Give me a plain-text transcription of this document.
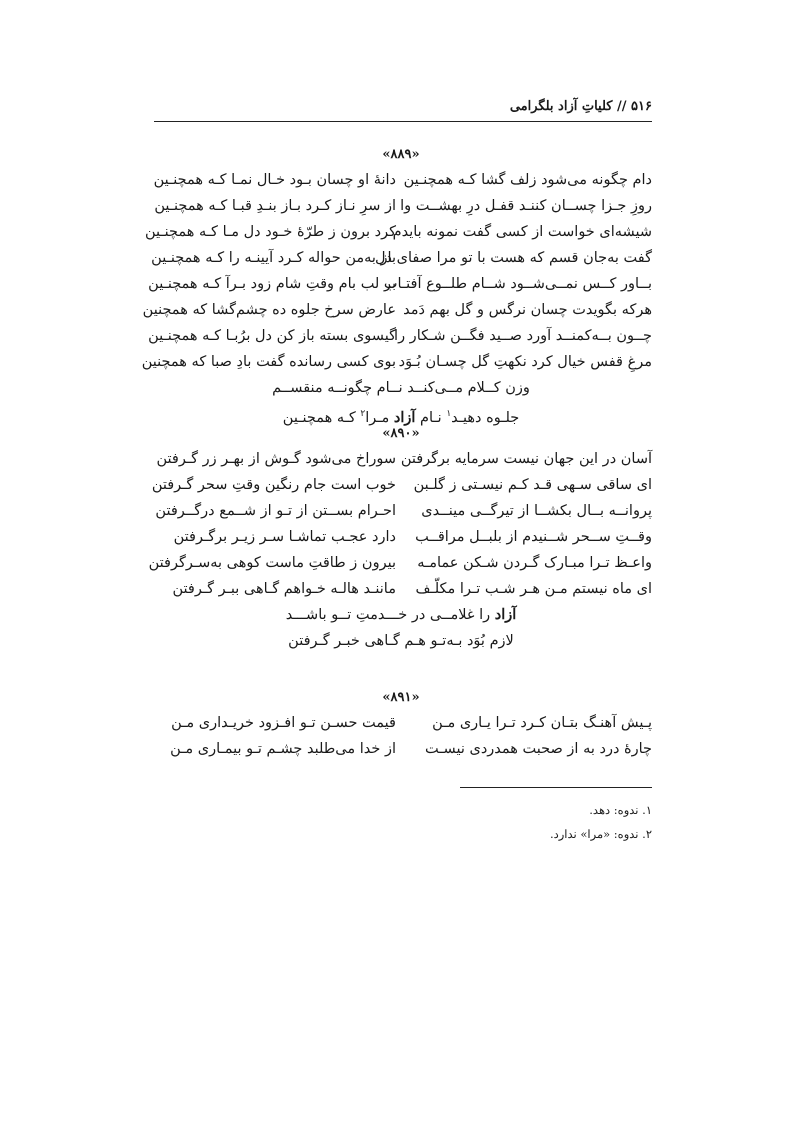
۵۱۶ // کلیاتِ آزاد بلگرامی
«۸۸۹»
دام چگونه می‌شود زلف گشا کـه همچنـین
دانهٔ او چسان بـود خـال نمـا کـه همچنـین
روزِ جـزا چســان کننـد قفـل درِ بهشــت وا
از سرِ نـاز کـرد بـاز بنـدِ قبـا کـه همچنـین
شیشه‌ای خواست از کسی گفت نمونه بایدم
کرد برون ز طرّهٔ خـود دل مـا کـه همچنـین
گفت به‌جان قسم که هست با تو مرا صفای دل
باز به‌من حواله کـرد آیینـه را کـه همچنـین
بــاور کــس نمــی‌شــود شــام طلــوع آفتـاب
بر لب بام وقتِ شام زود بـرآ کـه همچنـین
هرکه بگویدت چسان نرگس و گل بهم دَمد
عارض سرخ جلوه ده چشم‌گشا که همچنین
چــون بــه‌کمنــد آورد صــید فگــن شـکار را
گیسوی بسته باز کن دل برُبـا کـه همچنـین
مرغِ قفس خیال کرد نکهتِ گل چسـان بُـوَد
بوی کسی رسانده گفت بادِ صبا که همچنین
وزن کــلام مــی‌کنــد نــام چگونــه منقســم
جلـوه دهیـد$^۱$ نـام آزاد مـرا$^۲$ کـه همچنـین
«۸۹۰»
آسان در این جهان نیست سرمایه برگرفتن
سوراخ می‌شود گـوش از بهـر زر گـرفتن
ای ساقی سـهی قـد کـم نیسـتی ز گلـبن
خوب است جام رنگین وقتِ سحر گـرفتن
پروانــه بــال بکشــا از تیرگــی مینــدی
احـرام بســتن از تـو از شــمع درگــرفتن
وقــتِ ســحر شــنیدم از بلبــل مراقــب
دارد عجـب تماشـا سـر زیـر برگـرفتن
واعـظ تـرا مبـارک گـردن شـکن عمامـه
بیرون ز طاقتِ ماست کوهی به‌سـرگرفتن
ای ماه نیستم مـن هـر شـب تـرا مکلّـف
ماننـد هالـه خـواهم گـاهی ببـر گـرفتن
آزاد را غلامــی در خـــدمتِ تــو باشـــد
لازم بُوَد بـه‌تـو هـم گـاهی خبـر گـرفتن
«۸۹۱»
پـیش آهنـگ بتـان کـرد تـرا یـاری مـن
قیمت حسـن تـو افـزود خریـداری مـن
چارهٔ درد به از صحبت همدردی نیسـت
از خدا می‌طلبد چشـم تـو بیمـاری مـن
۱. ندوه: دهد.
۲. ندوه: «مرا» ندارد.
